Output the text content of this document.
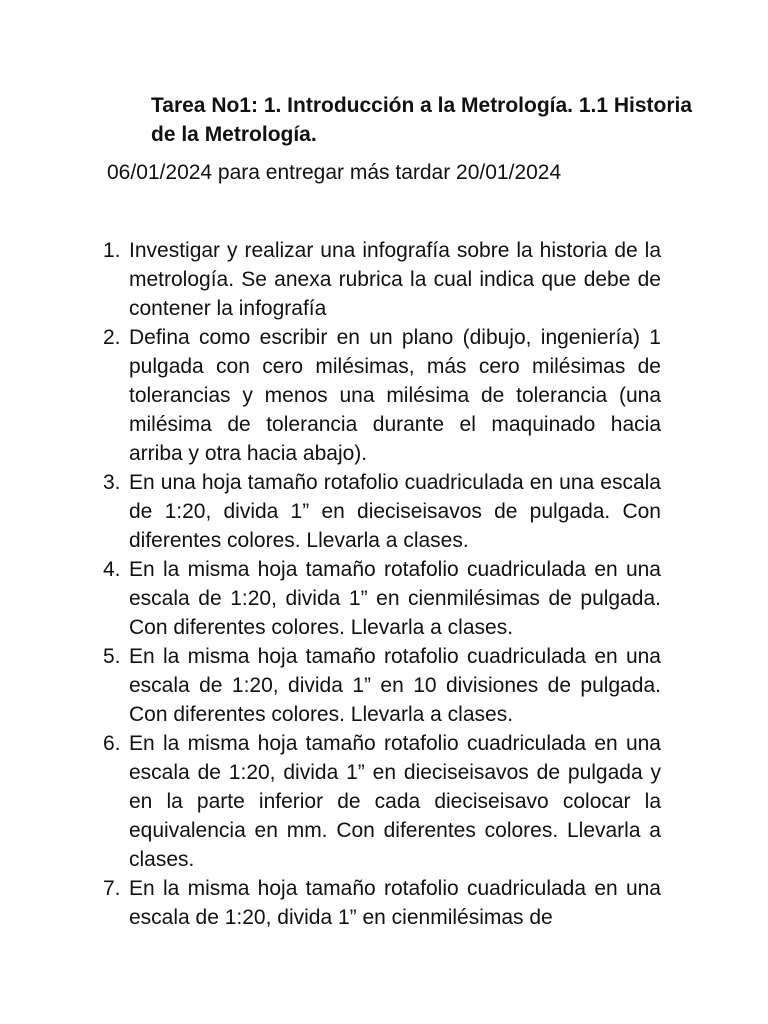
Tarea No1: 1. Introducción a la Metrología. 1.1 Historia de la Metrología.

06/01/2024 para entregar más tardar 20/01/2024

1. Investigar y realizar una infografía sobre la historia de la metrología. Se anexa rubrica la cual indica que debe de contener la infografía
2. Defina como escribir en un plano (dibujo, ingeniería) 1 pulgada con cero milésimas, más cero milésimas de tolerancias y menos una milésima de tolerancia (una milésima de tolerancia durante el maquinado hacia arriba y otra hacia abajo).
3. En una hoja tamaño rotafolio cuadriculada en una escala de 1:20, divida 1” en dieciseisavos de pulgada. Con diferentes colores. Llevarla a clases.
4. En la misma hoja tamaño rotafolio cuadriculada en una escala de 1:20, divida 1” en cienmilésimas de pulgada. Con diferentes colores. Llevarla a clases.
5. En la misma hoja tamaño rotafolio cuadriculada en una escala de 1:20, divida 1” en 10 divisiones de pulgada. Con diferentes colores. Llevarla a clases.
6. En la misma hoja tamaño rotafolio cuadriculada en una escala de 1:20, divida 1” en dieciseisavos de pulgada y en la parte inferior de cada dieciseisavo colocar la equivalencia en mm. Con diferentes colores. Llevarla a clases.
7. En la misma hoja tamaño rotafolio cuadriculada en una escala de 1:20, divida 1” en cienmilésimas de
